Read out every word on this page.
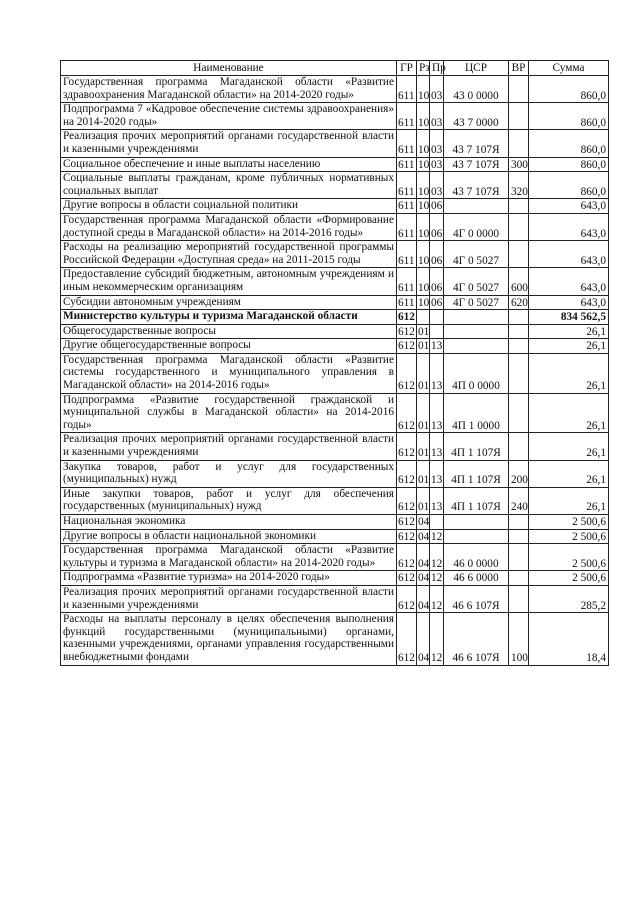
Наименование	ГР	Рз	Пр	ЦСР	ВР	Сумма
Государственная программа Магаданской области «Развитие здравоохранения Магаданской области» на 2014-2020 годы»	611	10	03	43 0 0000		860,0
Подпрограмма 7 «Кадровое обеспечение системы здравоохранения» на 2014-2020 годы»	611	10	03	43 7 0000		860,0
Реализация прочих мероприятий органами государственной власти и казенными учреждениями	611	10	03	43 7 107Я		860,0
Социальное обеспечение и иные выплаты населению	611	10	03	43 7 107Я	300	860,0
Социальные выплаты гражданам, кроме публичных нормативных социальных выплат	611	10	03	43 7 107Я	320	860,0
Другие вопросы в области социальной политики	611	10	06			643,0
Государственная программа Магаданской области «Формирование доступной среды в Магаданской области» на 2014-2016 годы»	611	10	06	4Г 0 0000		643,0
Расходы на реализацию мероприятий государственной программы Российской Федерации «Доступная среда» на 2011-2015 годы	611	10	06	4Г 0 5027		643,0
Предоставление субсидий бюджетным, автономным учреждениям и иным некоммерческим организациям	611	10	06	4Г 0 5027	600	643,0
Субсидии автономным учреждениям	611	10	06	4Г 0 5027	620	643,0
Министерство культуры и туризма Магаданской области	612					834 562,5
Общегосударственные вопросы	612	01				26,1
Другие общегосударственные вопросы	612	01	13			26,1
Государственная программа Магаданской области «Развитие системы государственного и муниципального управления в Магаданской области» на 2014-2016 годы»	612	01	13	4П 0 0000		26,1
Подпрограмма «Развитие государственной гражданской и муниципальной службы в Магаданской области» на 2014-2016 годы»	612	01	13	4П 1 0000		26,1
Реализация прочих мероприятий органами государственной власти и казенными учреждениями	612	01	13	4П 1 107Я		26,1
Закупка товаров, работ и услуг для государственных (муниципальных) нужд	612	01	13	4П 1 107Я	200	26,1
Иные закупки товаров, работ и услуг для обеспечения государственных (муниципальных) нужд	612	01	13	4П 1 107Я	240	26,1
Национальная экономика	612	04				2 500,6
Другие вопросы в области национальной экономики	612	04	12			2 500,6
Государственная программа Магаданской области «Развитие культуры и туризма в Магаданской области» на 2014-2020 годы»	612	04	12	46 0 0000		2 500,6
Подпрограмма «Развитие туризма» на 2014-2020 годы»	612	04	12	46 6 0000		2 500,6
Реализация прочих мероприятий органами государственной власти и казенными учреждениями	612	04	12	46 6 107Я		285,2
Расходы на выплаты персоналу в целях обеспечения выполнения функций государственными (муниципальными) органами, казенными учреждениями, органами управления государственными внебюджетными фондами	612	04	12	46 6 107Я	100	18,4
